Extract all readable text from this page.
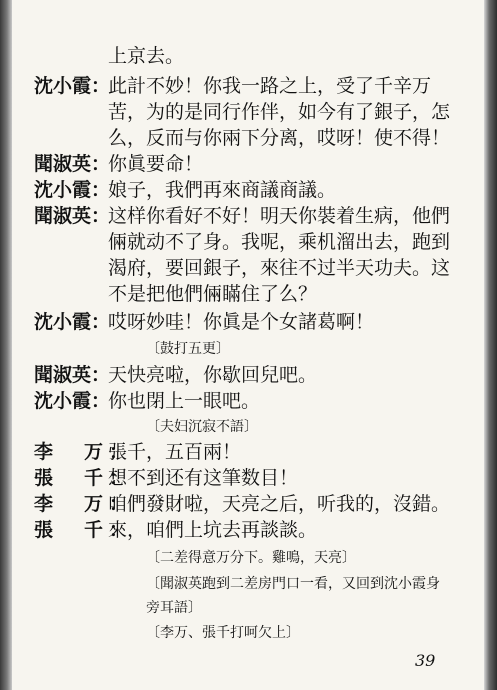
上京去。
沈小霞：
此計不妙！你我一路之上，受了千辛万
苦，为的是同行作伴，如今有了銀子，怎
么，反而与你兩下分离，哎呀！使不得！
聞淑英：
你眞要命！
沈小霞：
娘子，我們再來商議商議。
聞淑英：
这样你看好不好！明天你裝着生病，他們
倆就动不了身。我呢，乘机溜出去，跑到
渴府，要回銀子，來往不过半天功夫。这
不是把他們倆瞞住了么？
沈小霞：
哎呀妙哇！你眞是个女諸葛啊！
〔鼓打五更〕
聞淑英：
天快亮啦，你歇回兒吧。
沈小霞：
你也閉上一眼吧。
〔夫妇沉寂不語〕
李　万：
張千，五百兩！
張　千：
想不到还有这筆数目！
李　万：
咱們發財啦，天亮之后，听我的，沒錯。
張　千：
來，咱們上坑去再談談。
〔二差得意万分下。雞鳴，天亮〕
〔聞淑英跑到二差房門口一看，又回到沈小霞身
旁耳語〕
〔李万、張千打呵欠上〕
39
